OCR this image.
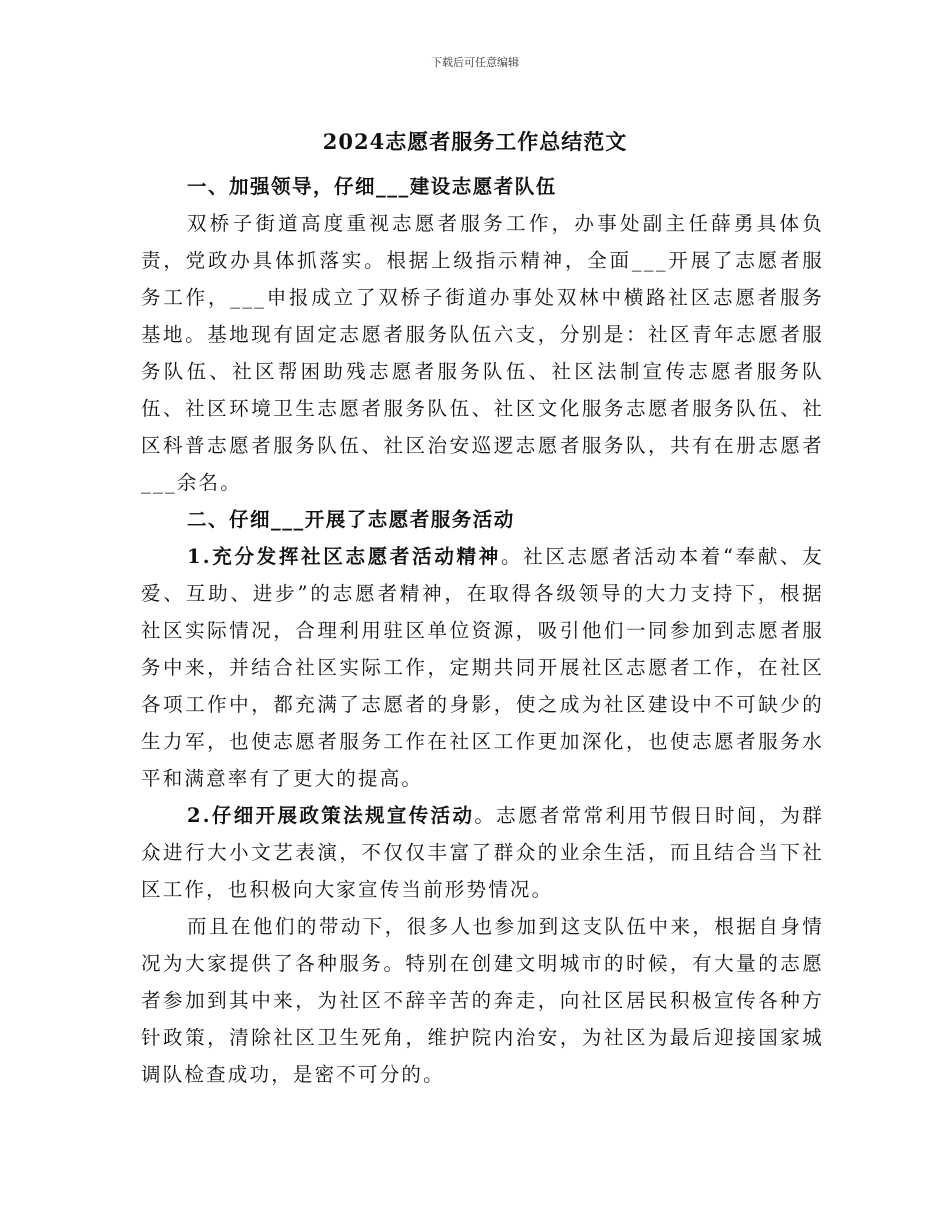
下载后可任意编辑
2024志愿者服务工作总结范文

一、加强领导，仔细___建设志愿者队伍

双桥子街道高度重视志愿者服务工作，办事处副主任薛勇具体负责，党政办具体抓落实。根据上级指示精神，全面___开展了志愿者服务工作，___申报成立了双桥子街道办事处双林中横路社区志愿者服务基地。基地现有固定志愿者服务队伍六支，分别是：社区青年志愿者服务队伍、社区帮困助残志愿者服务队伍、社区法制宣传志愿者服务队伍、社区环境卫生志愿者服务队伍、社区文化服务志愿者服务队伍、社区科普志愿者服务队伍、社区治安巡逻志愿者服务队，共有在册志愿者___余名。

二、仔细___开展了志愿者服务活动

1.充分发挥社区志愿者活动精神。社区志愿者活动本着“奉献、友爱、互助、进步”的志愿者精神，在取得各级领导的大力支持下，根据社区实际情况，合理利用驻区单位资源，吸引他们一同参加到志愿者服务中来，并结合社区实际工作，定期共同开展社区志愿者工作，在社区各项工作中，都充满了志愿者的身影，使之成为社区建设中不可缺少的生力军，也使志愿者服务工作在社区工作更加深化，也使志愿者服务水平和满意率有了更大的提高。

2.仔细开展政策法规宣传活动。志愿者常常利用节假日时间，为群众进行大小文艺表演，不仅仅丰富了群众的业余生活，而且结合当下社区工作，也积极向大家宣传当前形势情况。

而且在他们的带动下，很多人也参加到这支队伍中来，根据自身情况为大家提供了各种服务。特别在创建文明城市的时候，有大量的志愿者参加到其中来，为社区不辞辛苦的奔走，向社区居民积极宣传各种方针政策，清除社区卫生死角，维护院内治安，为社区为最后迎接国家城调队检查成功，是密不可分的。
